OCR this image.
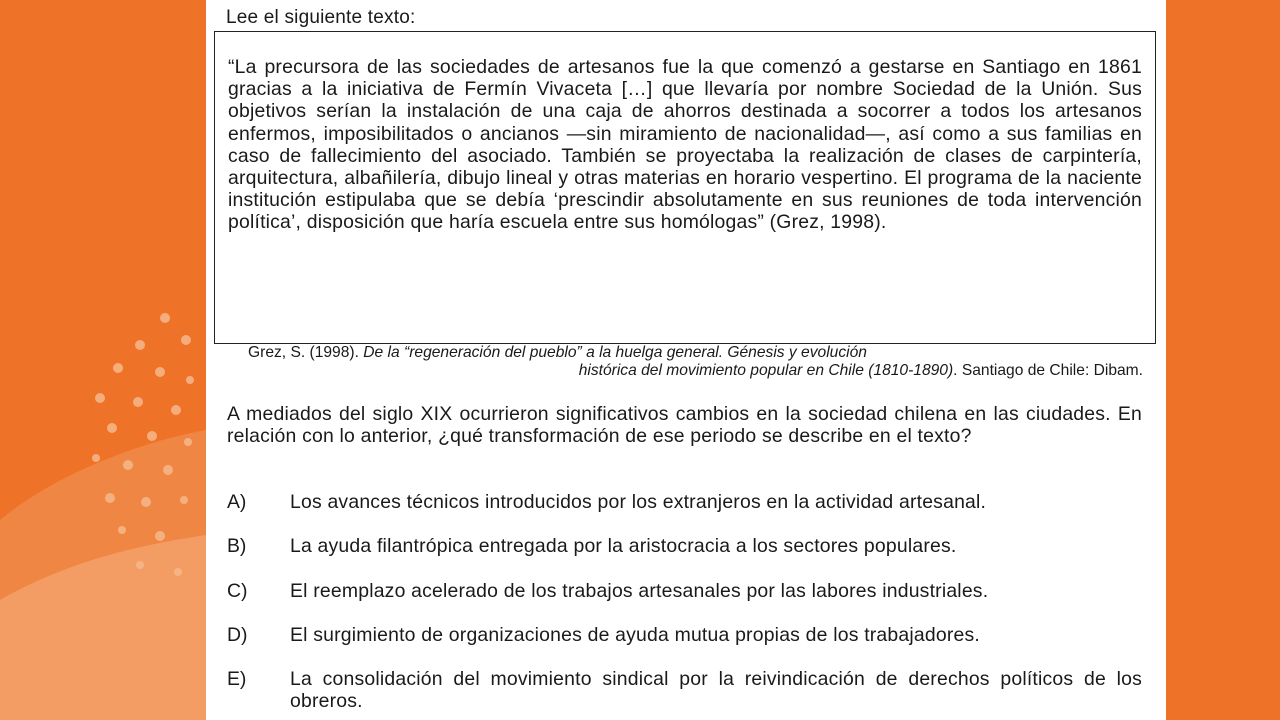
Lee el siguiente texto:

“La precursora de las sociedades de artesanos fue la que comenzó a gestarse en Santiago en 1861 gracias a la iniciativa de Fermín Vivaceta […] que llevaría por nombre Sociedad de la Unión. Sus objetivos serían la instalación de una caja de ahorros destinada a socorrer a todos los artesanos enfermos, imposibilitados o ancianos —sin miramiento de nacionalidad—, así como a sus familias en caso de fallecimiento del asociado. También se proyectaba la realización de clases de carpintería, arquitectura, albañilería, dibujo lineal y otras materias en horario vespertino. El programa de la naciente institución estipulaba que se debía ‘prescindir absolutamente en sus reuniones de toda intervención política’, disposición que haría escuela entre sus homólogas” (Grez, 1998).

Grez, S. (1998). De la “regeneración del pueblo” a la huelga general. Génesis y evolución
histórica del movimiento popular en Chile (1810-1890). Santiago de Chile: Dibam.

A mediados del siglo XIX ocurrieron significativos cambios en la sociedad chilena en las ciudades. En relación con lo anterior, ¿qué transformación de ese periodo se describe en el texto?

A) Los avances técnicos introducidos por los extranjeros en la actividad artesanal.
B) La ayuda filantrópica entregada por la aristocracia a los sectores populares.
C) El reemplazo acelerado de los trabajos artesanales por las labores industriales.
D) El surgimiento de organizaciones de ayuda mutua propias de los trabajadores.
E) La consolidación del movimiento sindical por la reivindicación de derechos políticos de los obreros.
